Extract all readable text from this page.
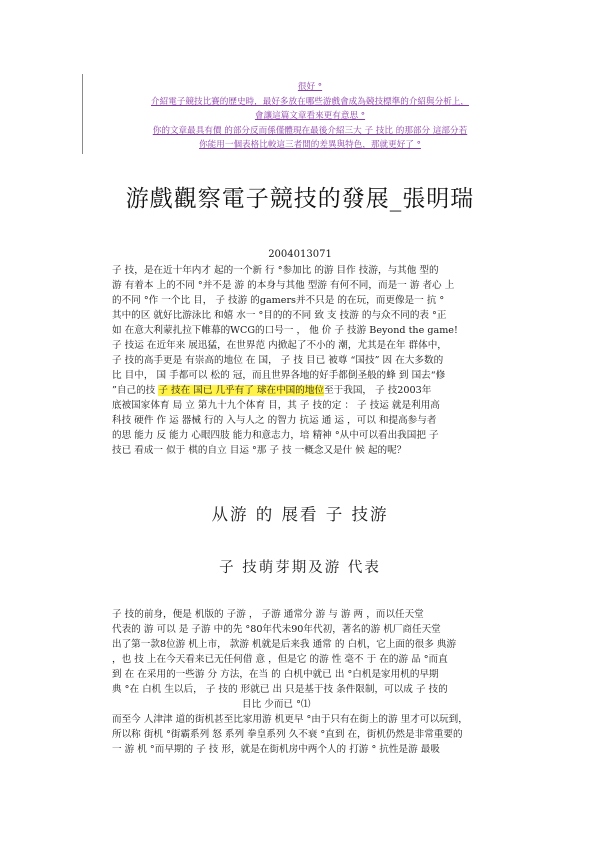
很好 °
介紹電子競技比賽的歷史時，最好多放在哪些游戲會成為競技標準的介紹與分析上，
會讓這篇文章看來更有意思 °
你的文章最具有價 的部分反而係僅體現在最後介紹三大 子 技比 的那部分 這部分若
你能用一個表格比較這三者間的差異與特色，那就更好了 °
游戲觀察電子競技的發展_張明瑞
2004013071
子 技，是在近十年内才 起的一个新 行 °参加比 的游 目作 技游，与其他 型的
游 有着本 上的不同 °并不是 游 的本身与其他 型游 有何不同，而是一 游 者心 上
的不同 °作 一个比 目， 子 技游 的gamers并不只是 的在玩，而更像是一 抗 °
其中的区 就好比游泳比 和嬉 水一 °目的的不同 致 支 技游 的与众不同的表 °正
如 在意大利蒙扎拉下帷幕的WCG的口号一 ， 他 价 子 技游 Beyond the game!
子 技运 在近年来 展迅猛，在世界范 内掀起了不小的 潮，尤其是在年 群体中，
子 技的高手更是 有崇高的地位 在 国， 子 技 目已 被尊 “国技” 因 在大多数的
比 目中， 国 手都可以 松的 冠，而且世界各地的好手都倒圣般的蜂 到 国去“修
”自己的技 子 技在 国已 几乎有了 球在中国的地位至于我国， 子 技2003年
底被国家体育 局 立 第九十九个体育 目，其 子 技的定 ： 子 技运 就是利用高
科技 硬件 作 运 器械 行的 入与人之 的智力 抗运 通 运 ，可以 和提高参与者
的思 能力 反 能力 心眼四肢 能力和意志力，培 精神 °从中可以看出我国把 子
技已 看成一 似于 棋的自立 目运 °那 子 技 一概念又是什 候 起的呢？
从游 的 展看 子 技游
子 技萌芽期及游 代表
子 技的前身，便是 机版的 子游 ， 子游 通常分 游 与 游 两 ，而以任天堂
代表的 游 可以 是 子游 中的先 °80年代未90年代初，著名的游 机厂商任天堂
出了第一款8位游 机上市， 款游 机就是后来我 通常 的 白机，它上面的很多 典游
，也 技 上在今天看来已无任何借 意 ，但是它 的游 性 毫不 于 在的游 品 °而直
到 在 在采用的一些游 分 方法，在当 的 白机中就已 出 °白机是家用机的早期
典 °在 白机 生以后， 子 技的 形就已 出 只是基于技 条件限制，可以成 子 技的
目比 少而已 °⑴
而至今 人津津 道的街机甚至比家用游 机更早 °由于只有在街上的游 里才可以玩到，
所以称 街机 °街霸系列 怒 系列 拳皇系列 久不衰 °直到 在，街机仍然是非常重要的
一 游 机 °而早期的 子 技 形，就是在街机房中两个人的 打游 ° 抗性是游 最吸
